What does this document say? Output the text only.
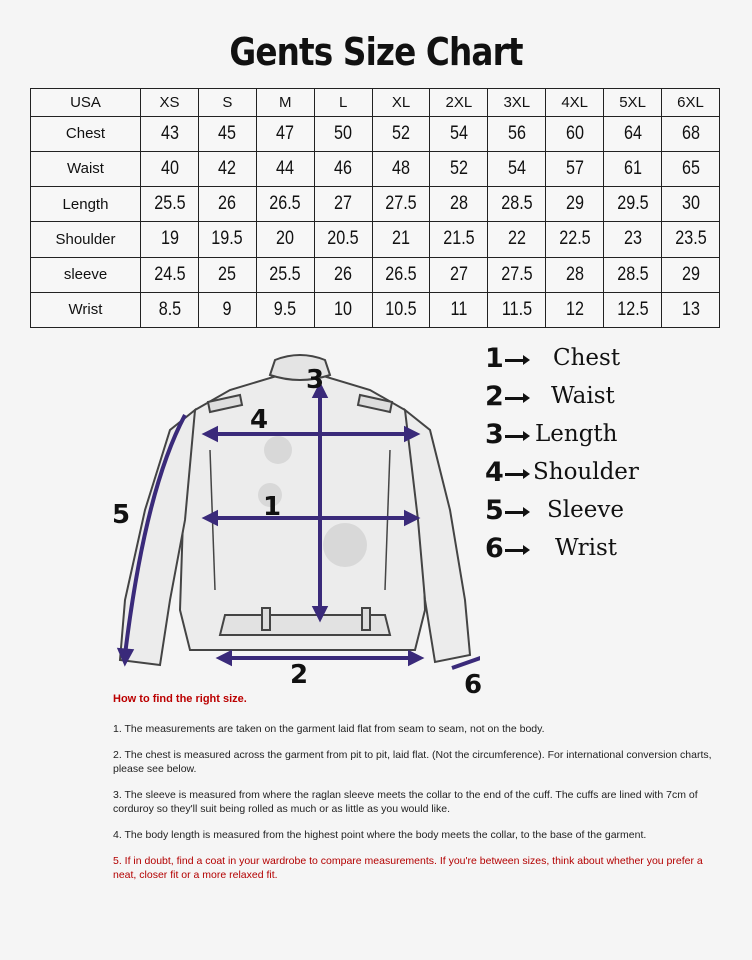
Gents Size Chart
USA	XS	S	M	L	XL	2XL	3XL	4XL	5XL	6XL
Chest	43	45	47	50	52	54	56	60	64	68
Waist	40	42	44	46	48	52	54	57	61	65
Length	25.5	26	26.5	27	27.5	28	28.5	29	29.5	30
Shoulder	19	19.5	20	20.5	21	21.5	22	22.5	23	23.5
sleeve	24.5	25	25.5	26	26.5	27	27.5	28	28.5	29
Wrist	8.5	9	9.5	10	10.5	11	11.5	12	12.5	13
3
4
1
5
2	6
1 Chest
2 Waist
3 Length
4 Shoulder
5 Sleeve
6 Wrist
How to find the right size.

1. The measurements are taken on the garment laid flat from seam to seam, not on the body.

2. The chest is measured across the garment from pit to pit, laid flat. (Not the circumference). For international conversion charts, please see below.

3. The sleeve is measured from where the raglan sleeve meets the collar to the end of the cuff. The cuffs are lined with 7cm of corduroy so they'll suit being rolled as much or as little as you would like.

4. The body length is measured from the highest point where the body meets the collar, to the base of the garment.

5. If in doubt, find a coat in your wardrobe to compare measurements. If you're between sizes, think about whether you prefer a neat, closer fit or a more relaxed fit.
